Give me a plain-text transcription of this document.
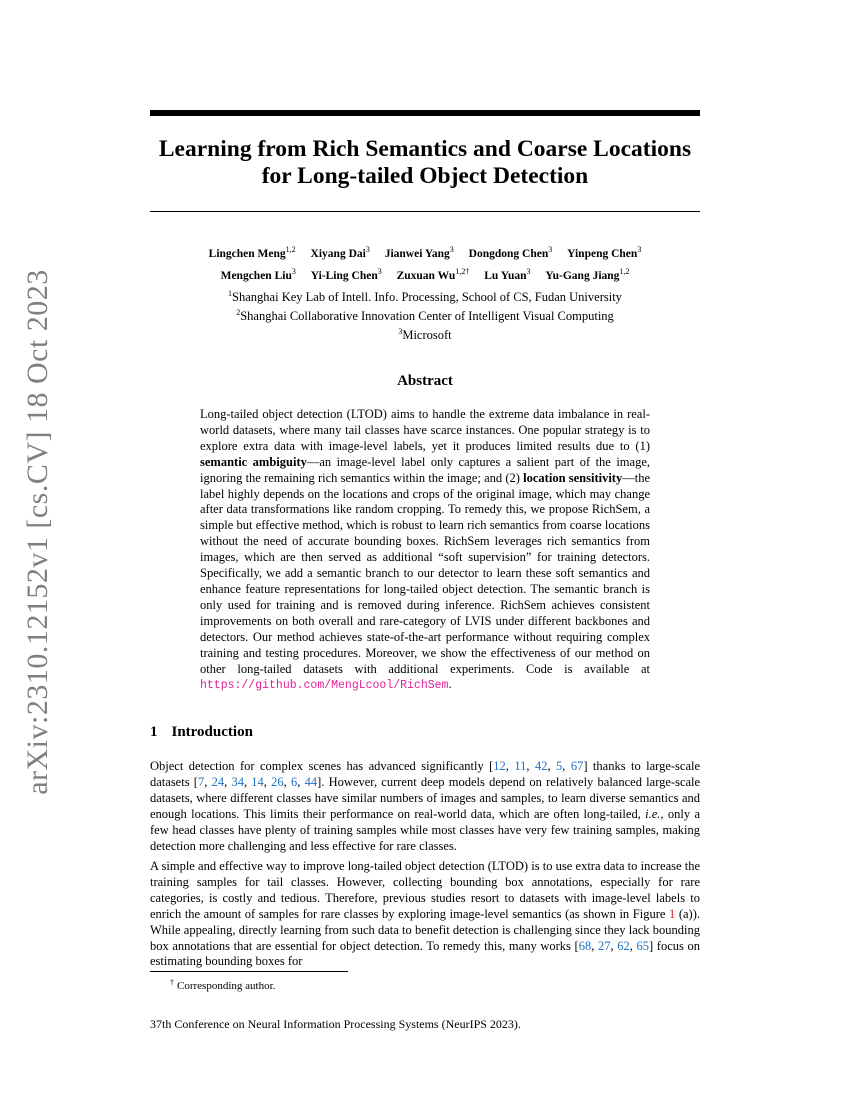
arXiv:2310.12152v1 [cs.CV] 18 Oct 2023
Learning from Rich Semantics and Coarse Locations
for Long-tailed Object Detection
Lingchen Meng$^{1,2}$ Xiyang Dai$^3$ Jianwei Yang$^3$ Dongdong Chen$^3$ Yinpeng Chen$^3$
Mengchen Liu$^3$ Yi-Ling Chen$^3$ Zuxuan $Wu^{1,2\dagger}$ Lu Yuan$^3$ Yu-Gang Jiang$^{1,2}$
$^1$Shanghai Key Lab of Intell. Info. Processing, School of CS, Fudan University
$^2$Shanghai Collaborative Innovation Center of Intelligent Visual Computing
$^3$Microsoft
Abstract
Long-tailed object detection (LTOD) aims to handle the extreme data imbalance in real-world datasets, where many tail classes have scarce instances. One popular strategy is to explore extra data with image-level labels, yet it produces limited results due to (1) semantic ambiguity—an image-level label only captures a salient part of the image, ignoring the remaining rich semantics within the image; and (2) location sensitivity—the label highly depends on the locations and crops of the original image, which may change after data transformations like random cropping. To remedy this, we propose RichSem, a simple but effective method, which is robust to learn rich semantics from coarse locations without the need of accurate bounding boxes. RichSem leverages rich semantics from images, which are then served as additional “soft supervision” for training detectors. Specifically, we add a semantic branch to our detector to learn these soft semantics and enhance feature representations for long-tailed object detection. The semantic branch is only used for training and is removed during inference. RichSem achieves consistent improvements on both overall and rare-category of LVIS under different backbones and detectors. Our method achieves state-of-the-art performance without requiring complex training and testing procedures. Moreover, we show the effectiveness of our method on other long-tailed datasets with additional experiments. Code is available at https://github.com/MengLcool/RichSem.
1 Introduction
Object detection for complex scenes has advanced significantly [12, 11, 42, 5, 67] thanks to large-scale datasets [7, 24, 34, 14, 26, 6, 44]. However, current deep models depend on relatively balanced large-scale datasets, where different classes have similar numbers of images and samples, to learn diverse semantics and enough locations. This limits their performance on real-world data, which are often long-tailed, i.e., only a few head classes have plenty of training samples while most classes have very few training samples, making detection more challenging and less effective for rare classes.
A simple and effective way to improve long-tailed object detection (LTOD) is to use extra data to increase the training samples for tail classes. However, collecting bounding box annotations, especially for rare categories, is costly and tedious. Therefore, previous studies resort to datasets with image-level labels to enrich the amount of samples for rare classes by exploring image-level semantics (as shown in Figure 1 (a)). While appealing, directly learning from such data to benefit detection is challenging since they lack bounding box annotations that are essential for object detection. To remedy this, many works [68, 27, 62, 65] focus on estimating bounding boxes for
† Corresponding author.
37th Conference on Neural Information Processing Systems (NeurIPS 2023).
